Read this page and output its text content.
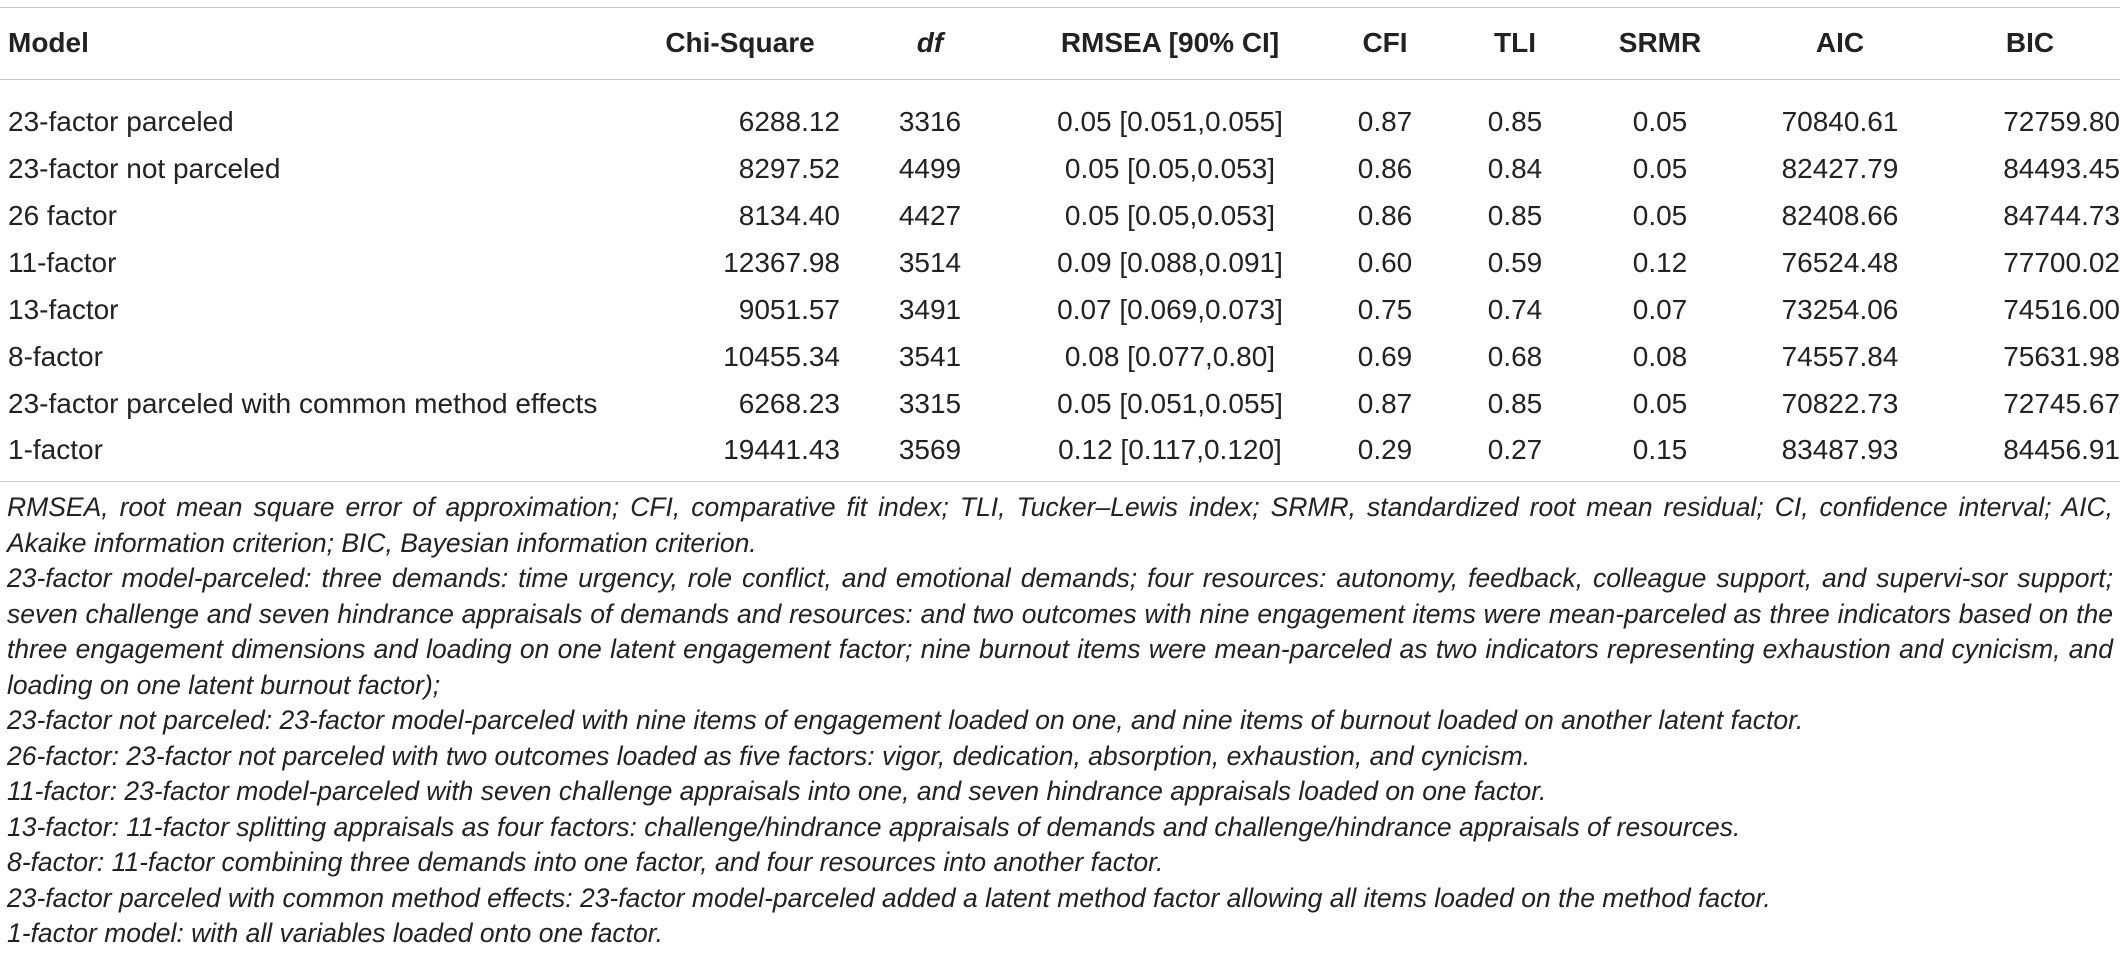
Model	Chi-Square	df	RMSEA [90% CI]	CFI	TLI	SRMR	AIC	BIC
23-factor parceled	6288.12	3316	0.05 [0.051,0.055]	0.87	0.85	0.05	70840.61	72759.80
23-factor not parceled	8297.52	4499	0.05 [0.05,0.053]	0.86	0.84	0.05	82427.79	84493.45
26 factor	8134.40	4427	0.05 [0.05,0.053]	0.86	0.85	0.05	82408.66	84744.73
11-factor	12367.98	3514	0.09 [0.088,0.091]	0.60	0.59	0.12	76524.48	77700.02
13-factor	9051.57	3491	0.07 [0.069,0.073]	0.75	0.74	0.07	73254.06	74516.00
8-factor	10455.34	3541	0.08 [0.077,0.80]	0.69	0.68	0.08	74557.84	75631.98
23-factor parceled with common method effects	6268.23	3315	0.05 [0.051,0.055]	0.87	0.85	0.05	70822.73	72745.67
1-factor	19441.43	3569	0.12 [0.117,0.120]	0.29	0.27	0.15	83487.93	84456.91

RMSEA, root mean square error of approximation; CFI, comparative fit index; TLI, Tucker–Lewis index; SRMR, standardized root mean residual; CI, confidence interval; AIC, Akaike information criterion; BIC, Bayesian information criterion.

23-factor model-parceled: three demands: time urgency, role conflict, and emotional demands; four resources: autonomy, feedback, colleague support, and supervi-sor support; seven challenge and seven hindrance appraisals of demands and resources: and two outcomes with nine engagement items were mean-parceled as three indicators based on the three engagement dimensions and loading on one latent engagement factor; nine burnout items were mean-parceled as two indicators representing exhaustion and cynicism, and loading on one latent burnout factor);

23-factor not parceled: 23-factor model-parceled with nine items of engagement loaded on one, and nine items of burnout loaded on another latent factor.

26-factor: 23-factor not parceled with two outcomes loaded as five factors: vigor, dedication, absorption, exhaustion, and cynicism.

11-factor: 23-factor model-parceled with seven challenge appraisals into one, and seven hindrance appraisals loaded on one factor.

13-factor: 11-factor splitting appraisals as four factors: challenge/hindrance appraisals of demands and challenge/hindrance appraisals of resources.

8-factor: 11-factor combining three demands into one factor, and four resources into another factor.

23-factor parceled with common method effects: 23-factor model-parceled added a latent method factor allowing all items loaded on the method factor.

1-factor model: with all variables loaded onto one factor.
